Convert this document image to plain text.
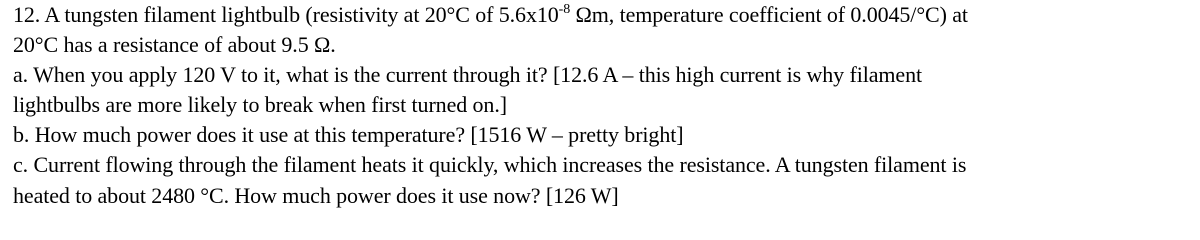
12. A tungsten filament lightbulb (resistivity at 20°C of $5.6x10^{-8}$ Ωm, temperature coefficient of 0.0045/°C) at
20°C has a resistance of about 9.5 Ω.
a. When you apply 120 V to it, what is the current through it? [12.6 A – this high current is why filament
lightbulbs are more likely to break when first turned on.]
b. How much power does it use at this temperature? [1516 W – pretty bright]
c. Current flowing through the filament heats it quickly, which increases the resistance. A tungsten filament is
heated to about 2480 °C. How much power does it use now? [126 W]
